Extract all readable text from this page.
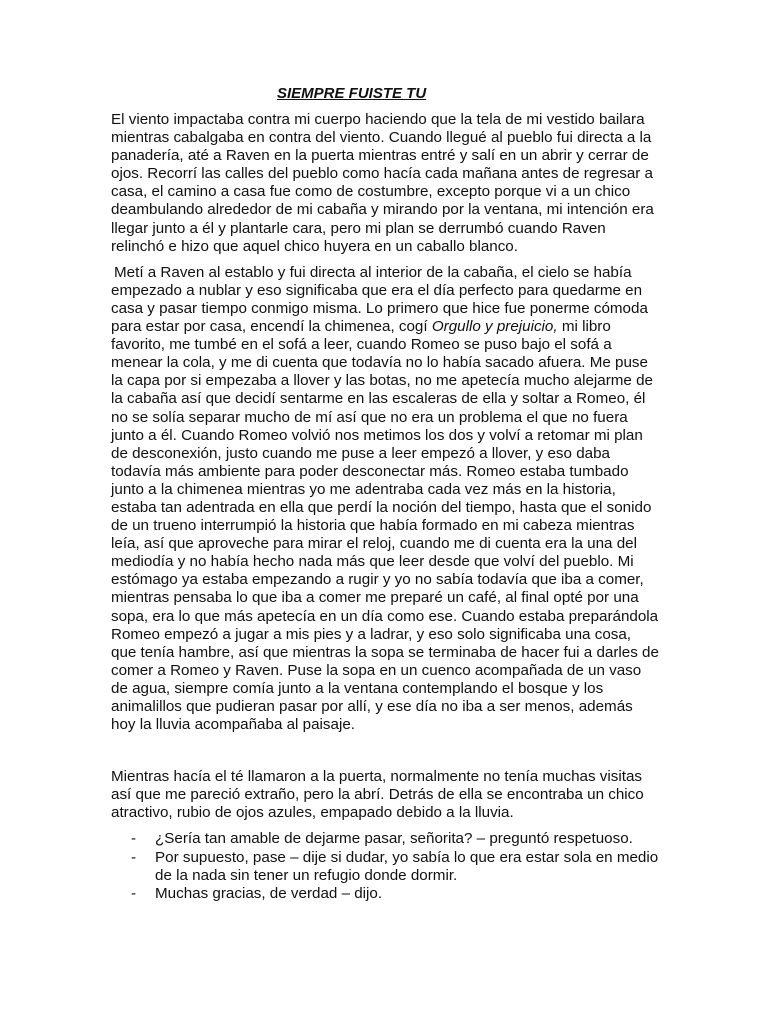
SIEMPRE FUISTE TU

El viento impactaba contra mi cuerpo haciendo que la tela de mi vestido bailara mientras cabalgaba en contra del viento. Cuando llegué al pueblo fui directa a la panadería, até a Raven en la puerta mientras entré y salí en un abrir y cerrar de ojos. Recorrí las calles del pueblo como hacía cada mañana antes de regresar a casa, el camino a casa fue como de costumbre, excepto porque vi a un chico deambulando alrededor de mi cabaña y mirando por la ventana, mi intención era llegar junto a él y plantarle cara, pero mi plan se derrumbó cuando Raven relinchó e hizo que aquel chico huyera en un caballo blanco.

Metí a Raven al establo y fui directa al interior de la cabaña, el cielo se había empezado a nublar y eso significaba que era el día perfecto para quedarme en casa y pasar tiempo conmigo misma. Lo primero que hice fue ponerme cómoda para estar por casa, encendí la chimenea, cogí Orgullo y prejuicio, mi libro favorito, me tumbé en el sofá a leer, cuando Romeo se puso bajo el sofá a menear la cola, y me di cuenta que todavía no lo había sacado afuera. Me puse la capa por si empezaba a llover y las botas, no me apetecía mucho alejarme de la cabaña así que decidí sentarme en las escaleras de ella y soltar a Romeo, él no se solía separar mucho de mí así que no era un problema el que no fuera junto a él. Cuando Romeo volvió nos metimos los dos y volví a retomar mi plan de desconexión, justo cuando me puse a leer empezó a llover, y eso daba todavía más ambiente para poder desconectar más. Romeo estaba tumbado junto a la chimenea mientras yo me adentraba cada vez más en la historia, estaba tan adentrada en ella que perdí la noción del tiempo, hasta que el sonido de un trueno interrumpió la historia que había formado en mi cabeza mientras leía, así que aproveche para mirar el reloj, cuando me di cuenta era la una del mediodía y no había hecho nada más que leer desde que volví del pueblo. Mi estómago ya estaba empezando a rugir y yo no sabía todavía que iba a comer, mientras pensaba lo que iba a comer me preparé un café, al final opté por una sopa, era lo que más apetecía en un día como ese. Cuando estaba preparándola Romeo empezó a jugar a mis pies y a ladrar, y eso solo significaba una cosa, que tenía hambre, así que mientras la sopa se terminaba de hacer fui a darles de comer a Romeo y Raven. Puse la sopa en un cuenco acompañada de un vaso de agua, siempre comía junto a la ventana contemplando el bosque y los animalillos que pudieran pasar por allí, y ese día no iba a ser menos, además hoy la lluvia acompañaba al paisaje.

Mientras hacía el té llamaron a la puerta, normalmente no tenía muchas visitas así que me pareció extraño, pero la abrí. Detrás de ella se encontraba un chico atractivo, rubio de ojos azules, empapado debido a la lluvia.

- ¿Sería tan amable de dejarme pasar, señorita? – preguntó respetuoso.
- Por supuesto, pase – dije si dudar, yo sabía lo que era estar sola en medio de la nada sin tener un refugio donde dormir.
- Muchas gracias, de verdad – dijo.
